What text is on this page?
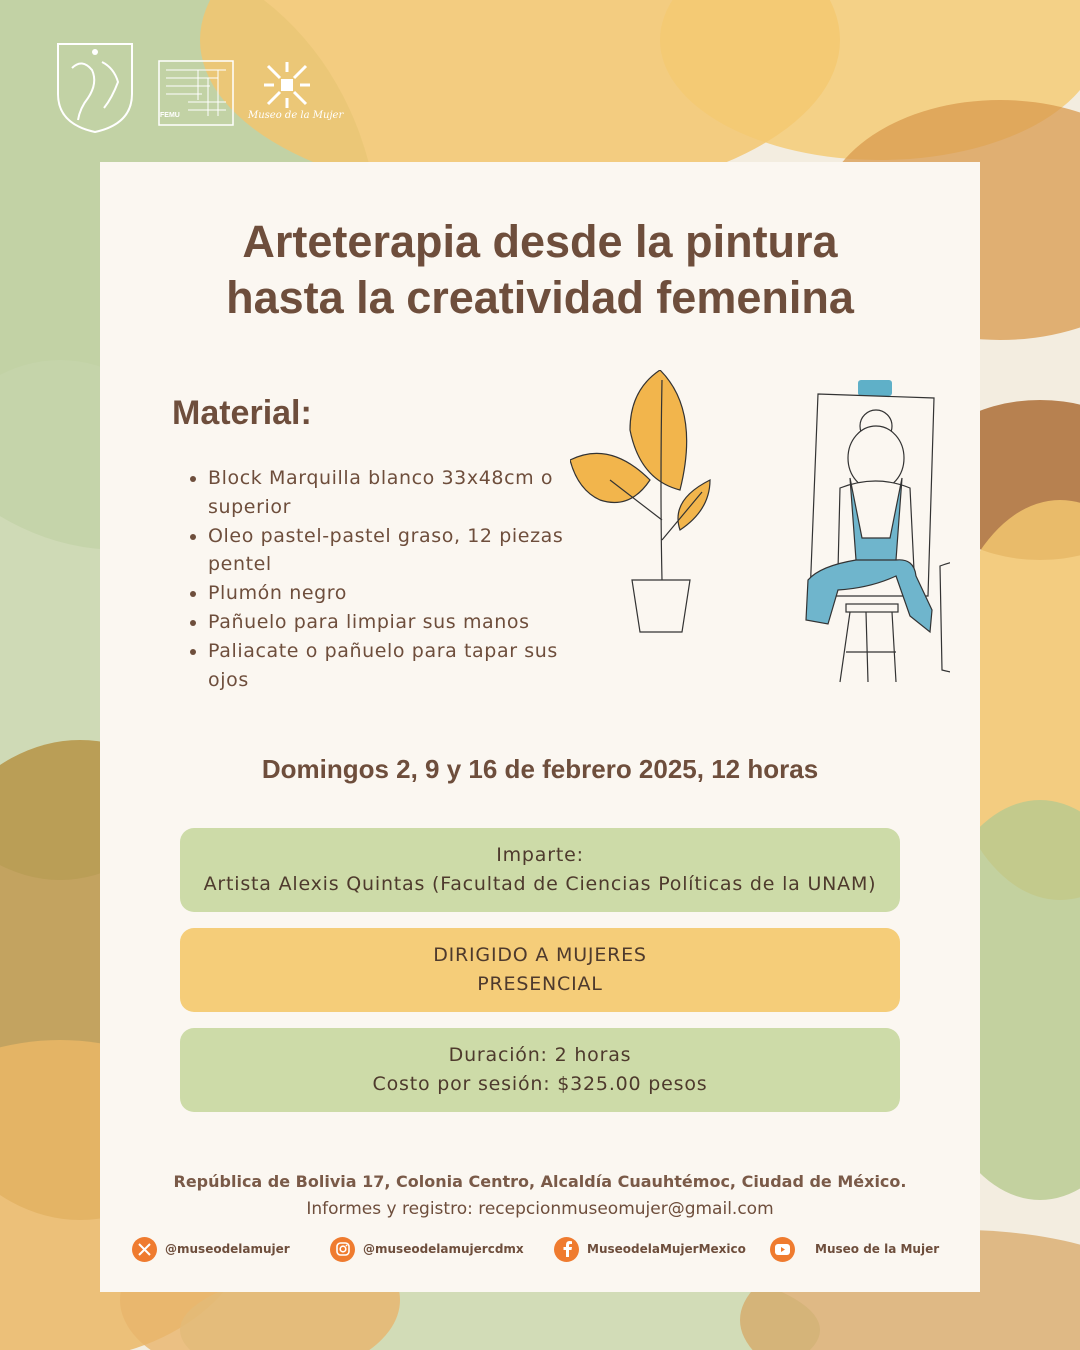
FEMU	Museo de la Mujer
Arteterapia desde la pintura
hasta la creatividad femenina
Material:
• Block Marquilla blanco 33x48cm o superior
• Oleo pastel-pastel graso, 12 piezas pentel
• Plumón negro
• Pañuelo para limpiar sus manos
• Paliacate o pañuelo para tapar sus ojos
Domingos 2, 9 y 16 de febrero 2025, 12 horas
Imparte:
Artista Alexis Quintas (Facultad de Ciencias Políticas de la UNAM)
DIRIGIDO A MUJERES
PRESENCIAL
Duración: 2 horas
Costo por sesión: $325.00 pesos
República de Bolivia 17, Colonia Centro, Alcaldía Cuauhtémoc, Ciudad de México.
Informes y registro: recepcionmuseomujer@gmail.com
@museodelamujer	@museodelamujercdmx	MuseodelaMujerMexico	Museo de la Mujer
